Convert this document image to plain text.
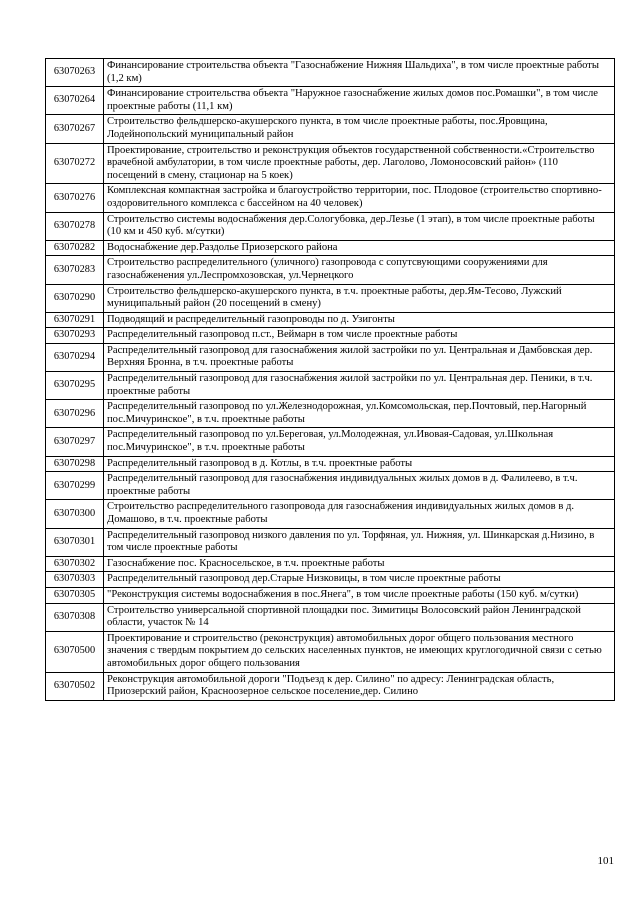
63070263	Финансирование строительства объекта "Газоснабжение Нижняя Шальдиха", в том числе проектные работы (1,2 км)
63070264	Финансирование строительства объекта "Наружное газоснабжение жилых домов пос.Ромашки", в том числе проектные работы (11,1 км)
63070267	Строительство фельдшерско-акушерского пункта, в том числе проектные работы, пос.Яровщина, Лодейнопольский муниципальный район
63070272	Проектирование, строительство и реконструкция объектов государственной собственности.«Строительство врачебной амбулатории, в том числе проектные работы, дер. Лаголово, Ломоносовский район» (110 посещений в смену, стационар на 5 коек)
63070276	Комплексная компактная застройка и благоустройство территории, пос. Плодовое (строительство спортивно-оздоровительного комплекса с бассейном на 40 человек)
63070278	Строительство системы водоснабжения дер.Сологубовка, дер.Лезье (1 этап), в том числе проектные работы (10 км и 450 куб. м/сутки)
63070282	Водоснабжение дер.Раздолье Приозерского района
63070283	Строительство распределительного (уличного) газопровода с сопутсвующими сооружениями для газоснабженения ул.Леспромхозовская, ул.Чернецкого
63070290	Строительство фельдшерско-акушерского пункта, в т.ч. проектные работы, дер.Ям-Тесово, Лужский муниципальный район (20 посещений в смену)
63070291	Подводящий и распределительный газопроводы по д. Узигонты
63070293	Распределительный газопровод п.ст., Веймарн в том числе проектные работы
63070294	Распределительный газопровод для газоснабжения жилой застройки по ул. Центральная и Дамбовская дер. Верхняя Бронна, в т.ч. проектные работы
63070295	Распределительный газопровод для газоснабжения жилой застройки по ул. Центральная дер. Пеники, в т.ч. проектные работы
63070296	Распределительный газопровод по ул.Железнодорожная, ул.Комсомольская, пер.Почтовый, пер.Нагорный пос.Мичуринское", в т.ч. проектные работы
63070297	Распределительный газопровод по ул.Береговая, ул.Молодежная, ул.Ивовая-Садовая, ул.Школьная пос.Мичуринское", в т.ч. проектные работы
63070298	Распределительный газопровод в д. Котлы, в т.ч. проектные работы
63070299	Распределительный газопровод для газоснабжения индивидуальных жилых домов в д. Фалилеево, в т.ч. проектные работы
63070300	Строительство распределительного газопровода для газоснабжения индивидуальных жилых домов в д. Домашово, в т.ч. проектные работы
63070301	Распределительный газопровод низкого давления по ул. Торфяная, ул. Нижняя, ул. Шинкарская д.Низино, в том числе проектные работы
63070302	Газоснабжение пос. Красносельское, в т.ч. проектные работы
63070303	Распределительный газопровод дер.Старые Низковицы, в том числе проектные работы
63070305	"Реконструкция системы водоснабжения в пос.Янега", в том числе проектные работы (150 куб. м/сутки)
63070308	Строительство универсальной спортивной площадки пос. Зимитицы Волосовский район Ленинградской области, участок № 14
63070500	Проектирование и строительство (реконструкция) автомобильных дорог общего пользования местного значения с твердым покрытием до сельских населенных пунктов, не имеющих круглогодичной связи с сетью автомобильных дорог общего пользования
63070502	Реконструкция автомобильной дороги "Подъезд к дер. Силино" по адресу: Ленинградская область, Приозерский район, Красноозерное сельское поселение,дер. Силино
101
